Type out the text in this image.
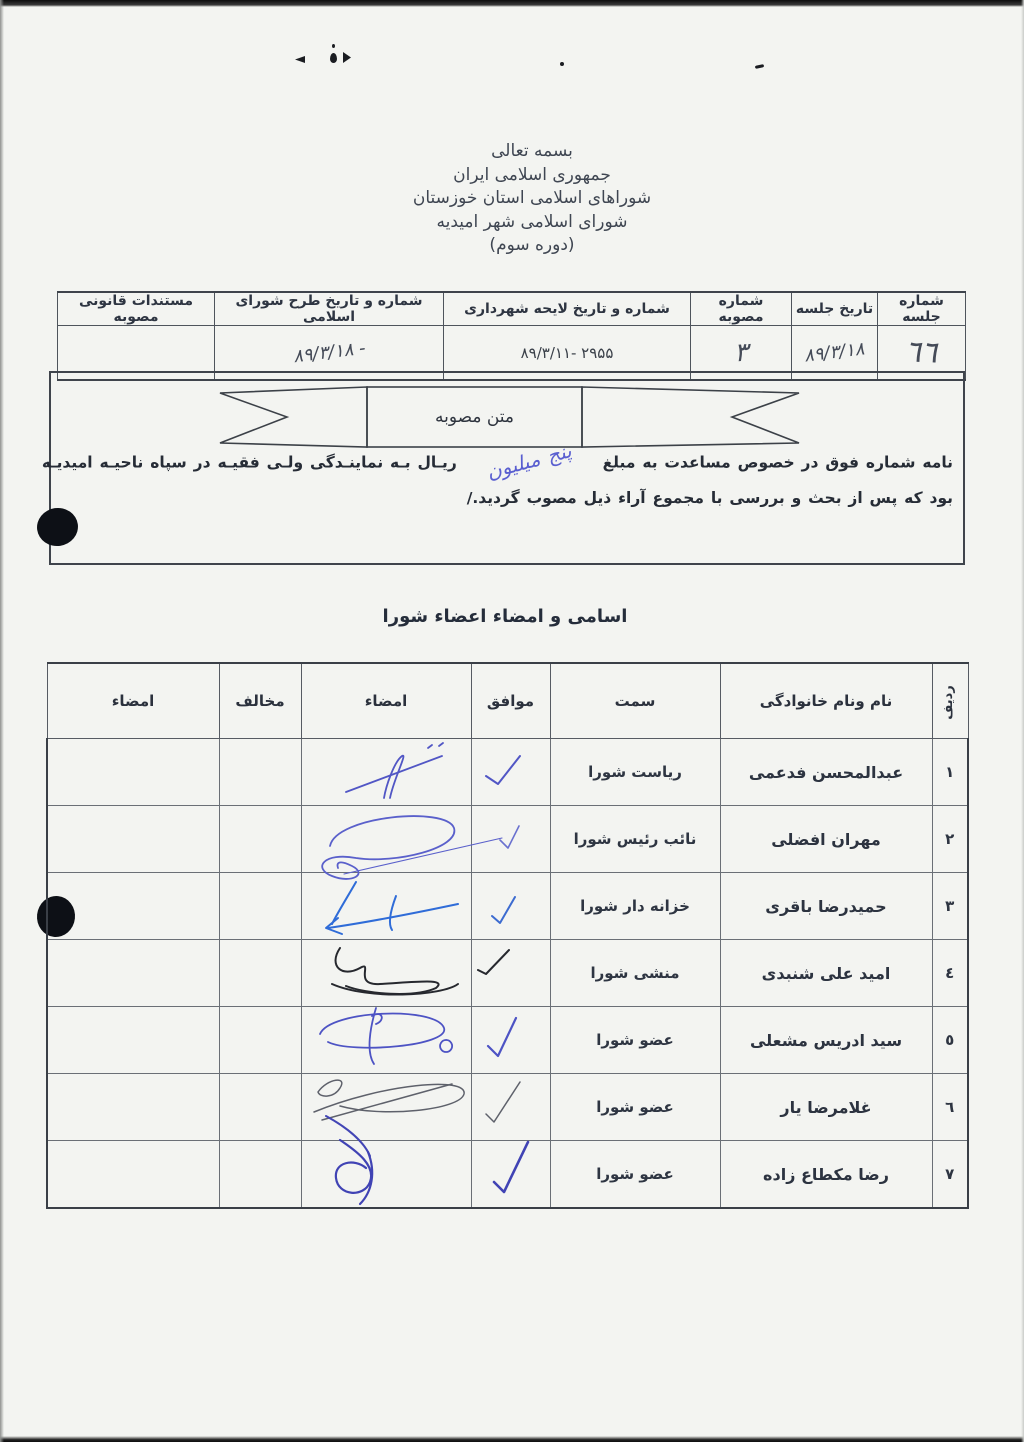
بسمه تعالی
جمهوری اسلامی ایران
شوراهای اسلامی استان خوزستان
شورای اسلامی شهر امیدیه
(دوره سوم)
شماره جلسه	تاریخ جلسه	شماره مصوبه	شماره و تاریخ لایحه شهرداری	شماره و تاریخ طرح شورای اسلامی	مستندات قانونی مصوبه
٦٦	۸۹/۳/۱۸	۳	۸۹/۳/۱۱- ۲۹۵۵	۸۹/۳/۱۸ -	
متن مصوبه
نامه شماره فوق در خصوص مساعدت به مبلغ پنج میلیون ریـال بـه نماینـدگی ولـی فقیـه در سپاه ناحیـه امیدیـه
بود که پس از بحث و بررسی با مجموع آراء ذیل مصوب گردید./
اسامی و امضاء اعضاء شورا
ردیف	نام ونام خانوادگی	سمت	موافق	امضاء	مخالف	امضاء
١	عبدالمحسن فدعمی	ریاست شورا				
٢	مهران افضلی	نائب رئیس شورا				
٣	حمیدرضا باقری	خزانه دار شورا				
٤	امید علی شنبدی	منشی شورا				
٥	سید ادریس مشعلی	عضو شورا				
٦	غلامرضا یار	عضو شورا				
٧	رضا مکطاع زاده	عضو شورا				
